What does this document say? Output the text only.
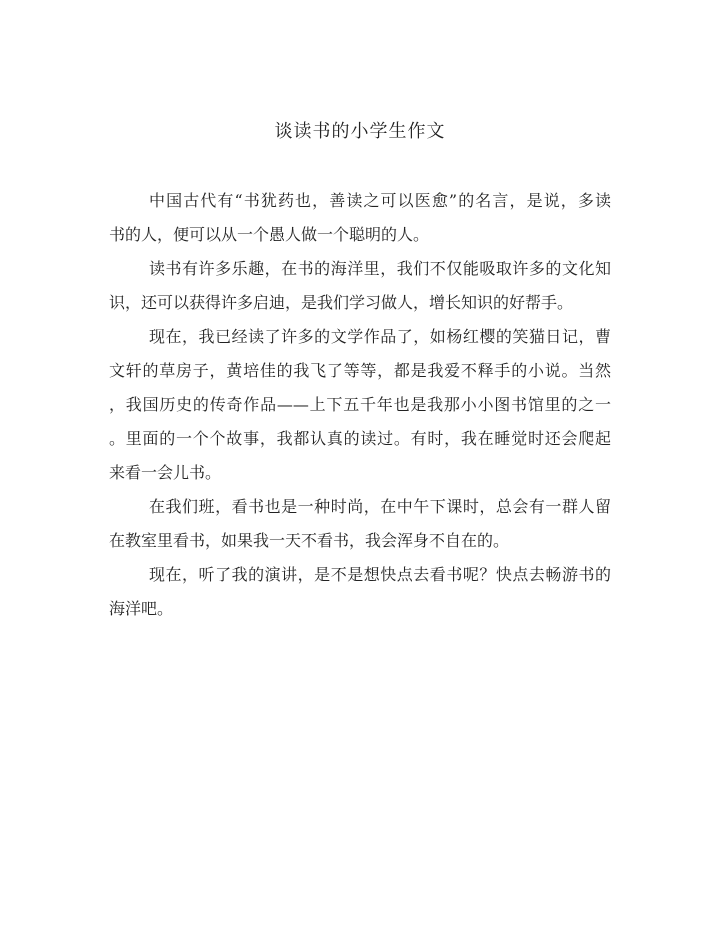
谈读书的小学生作文
中国古代有“书犹药也，善读之可以医愈”的名言，是说，多读
书的人，便可以从一个愚人做一个聪明的人。
读书有许多乐趣，在书的海洋里，我们不仅能吸取许多的文化知
识，还可以获得许多启迪，是我们学习做人，增长知识的好帮手。
现在，我已经读了许多的文学作品了，如杨红樱的笑猫日记，曹
文轩的草房子，黄培佳的我飞了等等，都是我爱不释手的小说。当然
，我国历史的传奇作品——上下五千年也是我那小小图书馆里的之一
。里面的一个个故事，我都认真的读过。有时，我在睡觉时还会爬起
来看一会儿书。
在我们班，看书也是一种时尚，在中午下课时，总会有一群人留
在教室里看书，如果我一天不看书，我会浑身不自在的。
现在，听了我的演讲，是不是想快点去看书呢？快点去畅游书的
海洋吧。
